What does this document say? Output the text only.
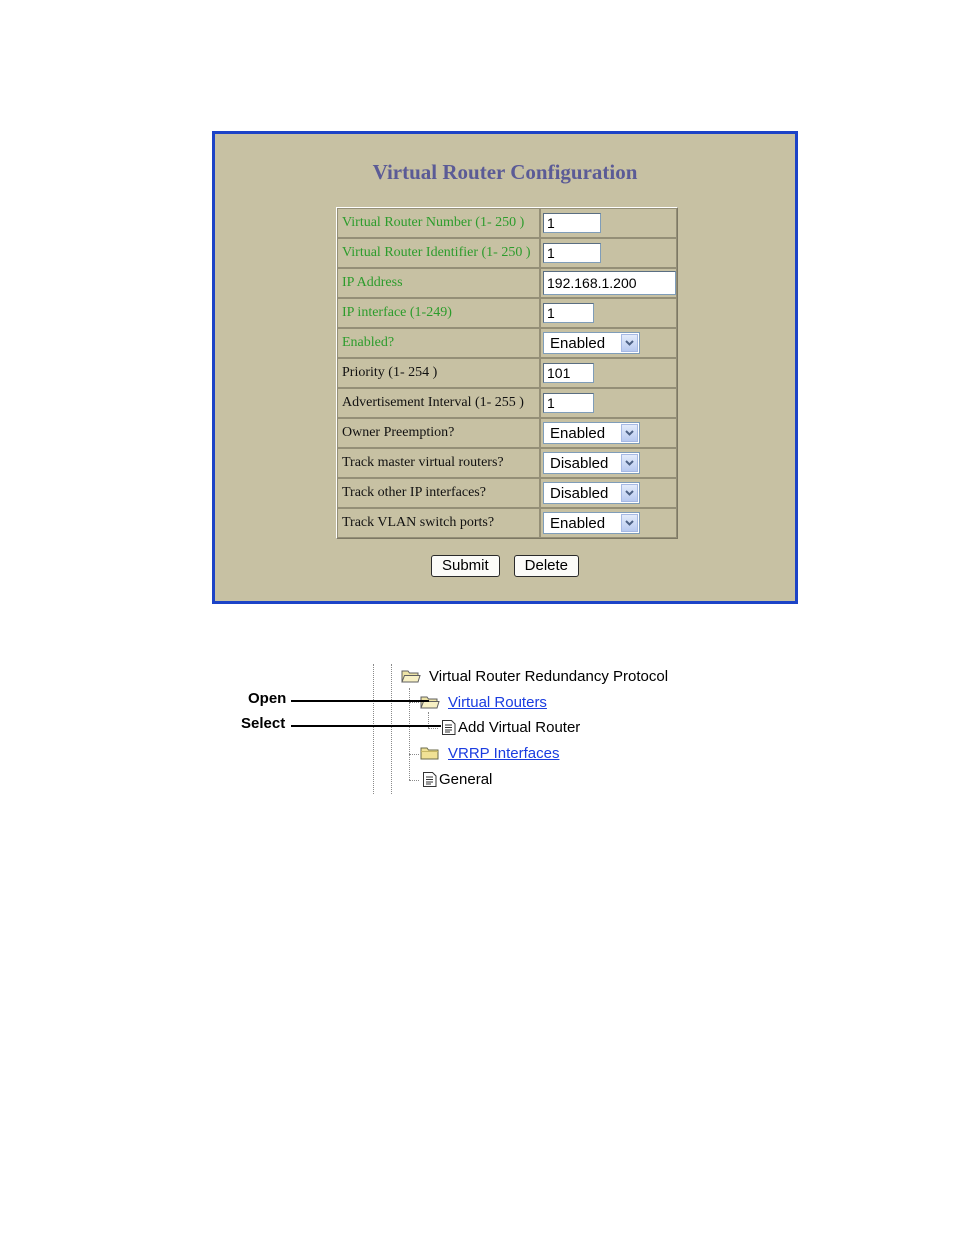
Virtual Router Configuration
Virtual Router Number (1- 250 )	1

Virtual Router Identifier (1- 250 )	1

IP Address	192.168.1.200

IP interface (1-249)	1

Enabled?	Enabled

Priority (1- 254 )	101

Advertisement Interval (1- 255 )	1

Owner Preemption?	Enabled

Track master virtual routers?	Disabled

Track other IP interfaces?	Disabled

Track VLAN switch ports?	Enabled
Submit Delete
Virtual Router Redundancy Protocol
Virtual Routers
Add Virtual Router
VRRP Interfaces
General
Open
Select
